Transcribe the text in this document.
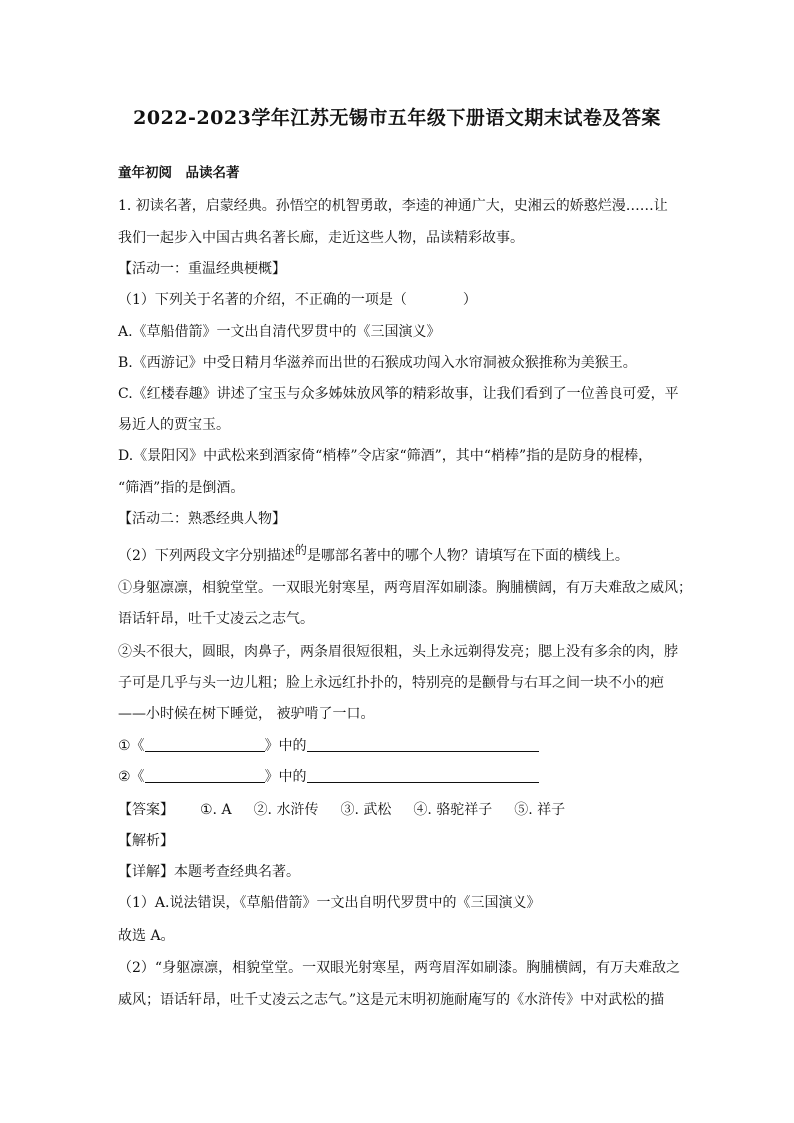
2022-2023学年江苏无锡市五年级下册语文期末试卷及答案
童年初阅　品读名著
1. 初读名著，启蒙经典。孙悟空的机智勇敢，李逵的神通广大，史湘云的娇憨烂漫……让
我们一起步入中国古典名著长廊，走近这些人物，品读精彩故事。
【活动一：重温经典梗概】
（1）下列关于名著的介绍，不正确的一项是（　　　　）
A.《草船借箭》一文出自清代罗贯中的《三国演义》
B.《西游记》中受日精月华滋养而出世的石猴成功闯入水帘洞被众猴推称为美猴王。
C.《红楼春趣》讲述了宝玉与众多姊妹放风筝的精彩故事，让我们看到了一位善良可爱，平
易近人的贾宝玉。
D.《景阳冈》中武松来到酒家倚“梢棒”令店家“筛酒”，其中“梢棒”指的是防身的棍棒，
“筛酒”指的是倒酒。
【活动二：熟悉经典人物】
（2）下列两段文字分别描述的是哪部名著中的哪个人物？请填写在下面的横线上。
①身躯凛凛，相貌堂堂。一双眼光射寒星，两弯眉浑如刷漆。胸脯横阔，有万夫难敌之威风；
语话轩昂，吐千丈凌云之志气。
②头不很大，圆眼，肉鼻子，两条眉很短很粗，头上永远剃得发亮；腮上没有多余的肉，脖
子可是几乎与头一边儿粗；脸上永远红扑扑的，特别亮的是颧骨与右耳之间一块不小的疤
——小时候在树下睡觉， 被驴啃了一口。
①《	》中的
②《	》中的
【答案】 ①. A ②. 水浒传 ③. 武松 ④. 骆驼祥子 ⑤. 祥子
【解析】
【详解】本题考查经典名著。
（1）A.说法错误，《草船借箭》一文出自明代罗贯中的《三国演义》
故选 A。
（2）“身躯凛凛，相貌堂堂。一双眼光射寒星，两弯眉浑如刷漆。胸脯横阔，有万夫难敌之
威风；语话轩昂，吐千丈凌云之志气。”这是元末明初施耐庵写的《水浒传》中对武松的描
